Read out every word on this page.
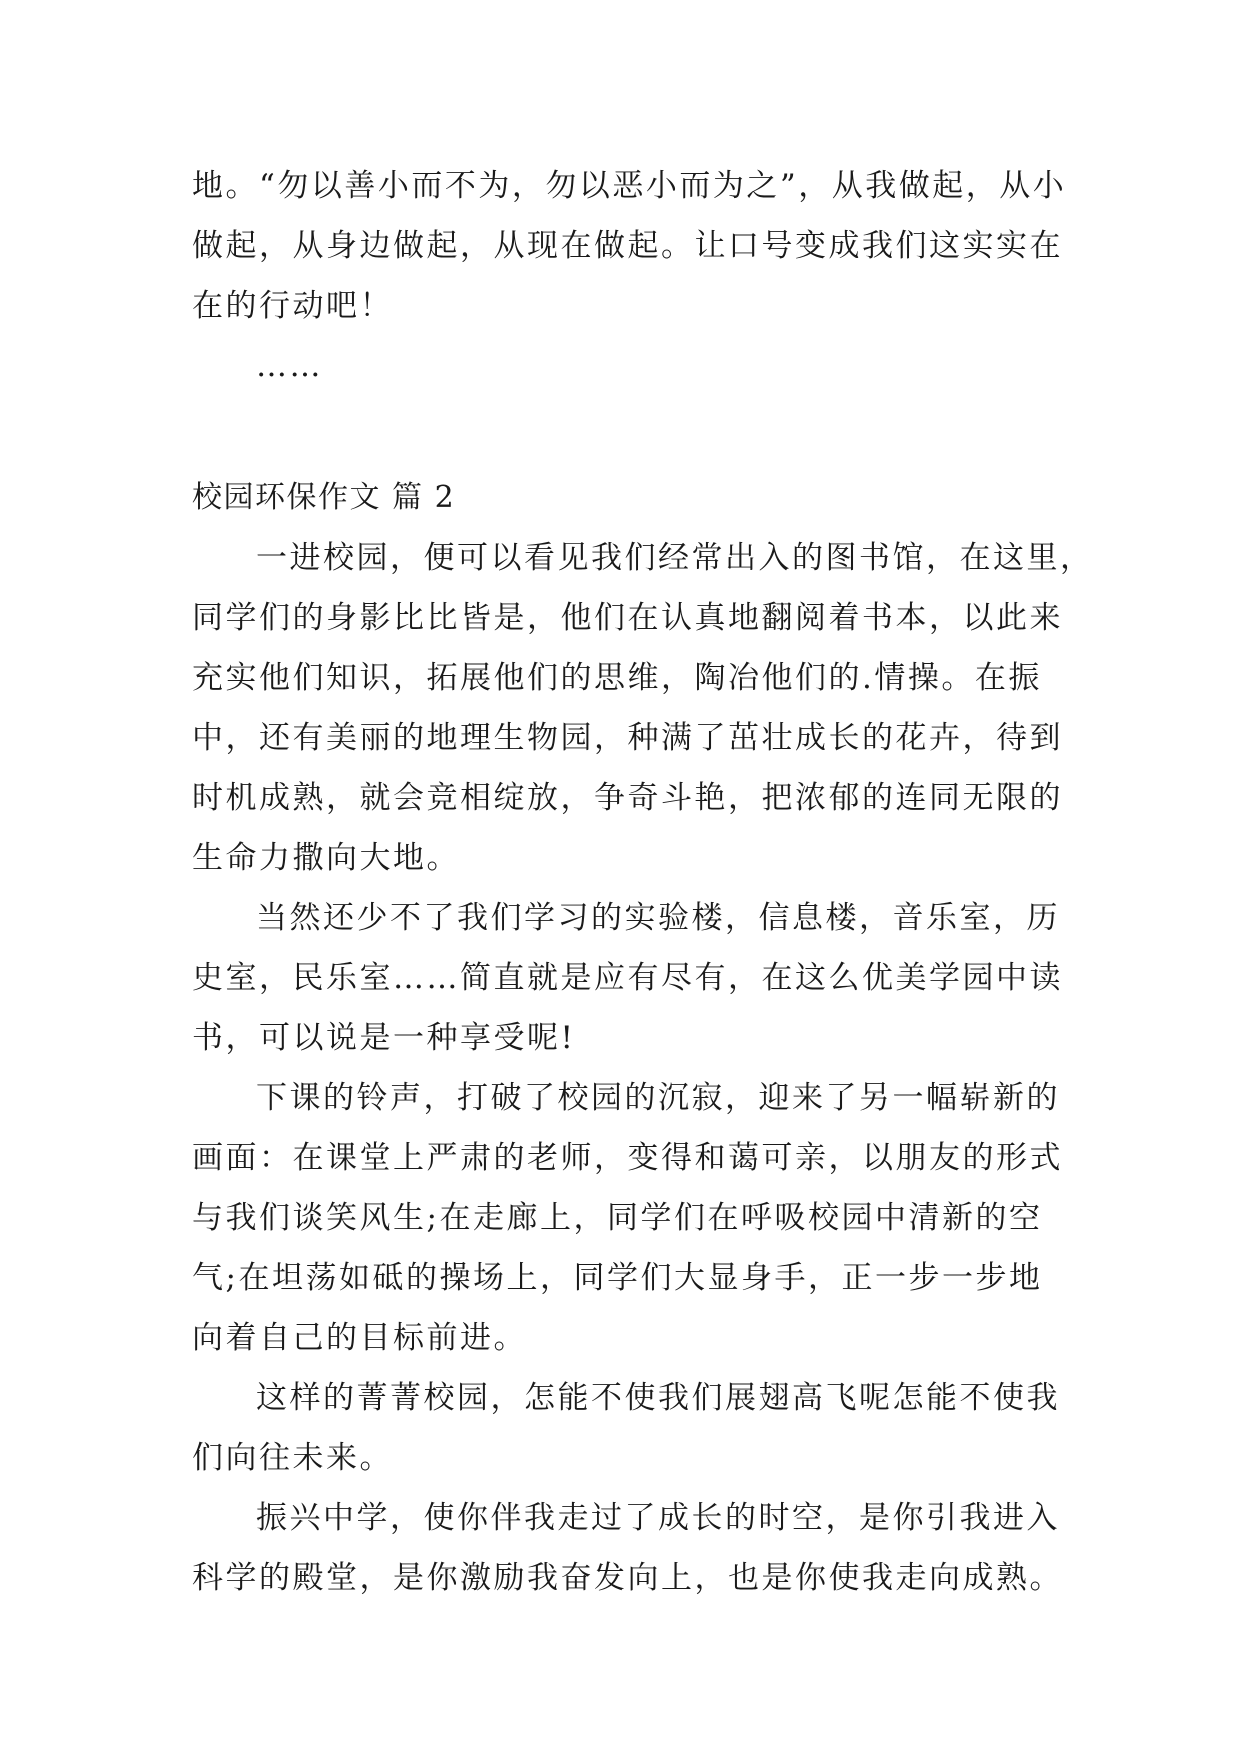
地。“勿以善小而不为，勿以恶小而为之”，从我做起，从小
做起，从身边做起，从现在做起。让口号变成我们这实实在
在的行动吧！
……
校园环保作文 篇 2
一进校园，便可以看见我们经常出入的图书馆，在这里，
同学们的身影比比皆是，他们在认真地翻阅着书本，以此来
充实他们知识，拓展他们的思维，陶冶他们的.情操。在振
中，还有美丽的地理生物园，种满了茁壮成长的花卉，待到
时机成熟，就会竞相绽放，争奇斗艳，把浓郁的连同无限的
生命力撒向大地。
当然还少不了我们学习的实验楼，信息楼，音乐室，历
史室，民乐室……简直就是应有尽有，在这么优美学园中读
书，可以说是一种享受呢!
下课的铃声，打破了校园的沉寂，迎来了另一幅崭新的
画面：在课堂上严肃的老师，变得和蔼可亲，以朋友的形式
与我们谈笑风生;在走廊上，同学们在呼吸校园中清新的空
气;在坦荡如砥的操场上，同学们大显身手，正一步一步地
向着自己的目标前进。
这样的菁菁校园，怎能不使我们展翅高飞呢怎能不使我
们向往未来。
振兴中学，使你伴我走过了成长的时空，是你引我进入
科学的殿堂，是你激励我奋发向上，也是你使我走向成熟。
